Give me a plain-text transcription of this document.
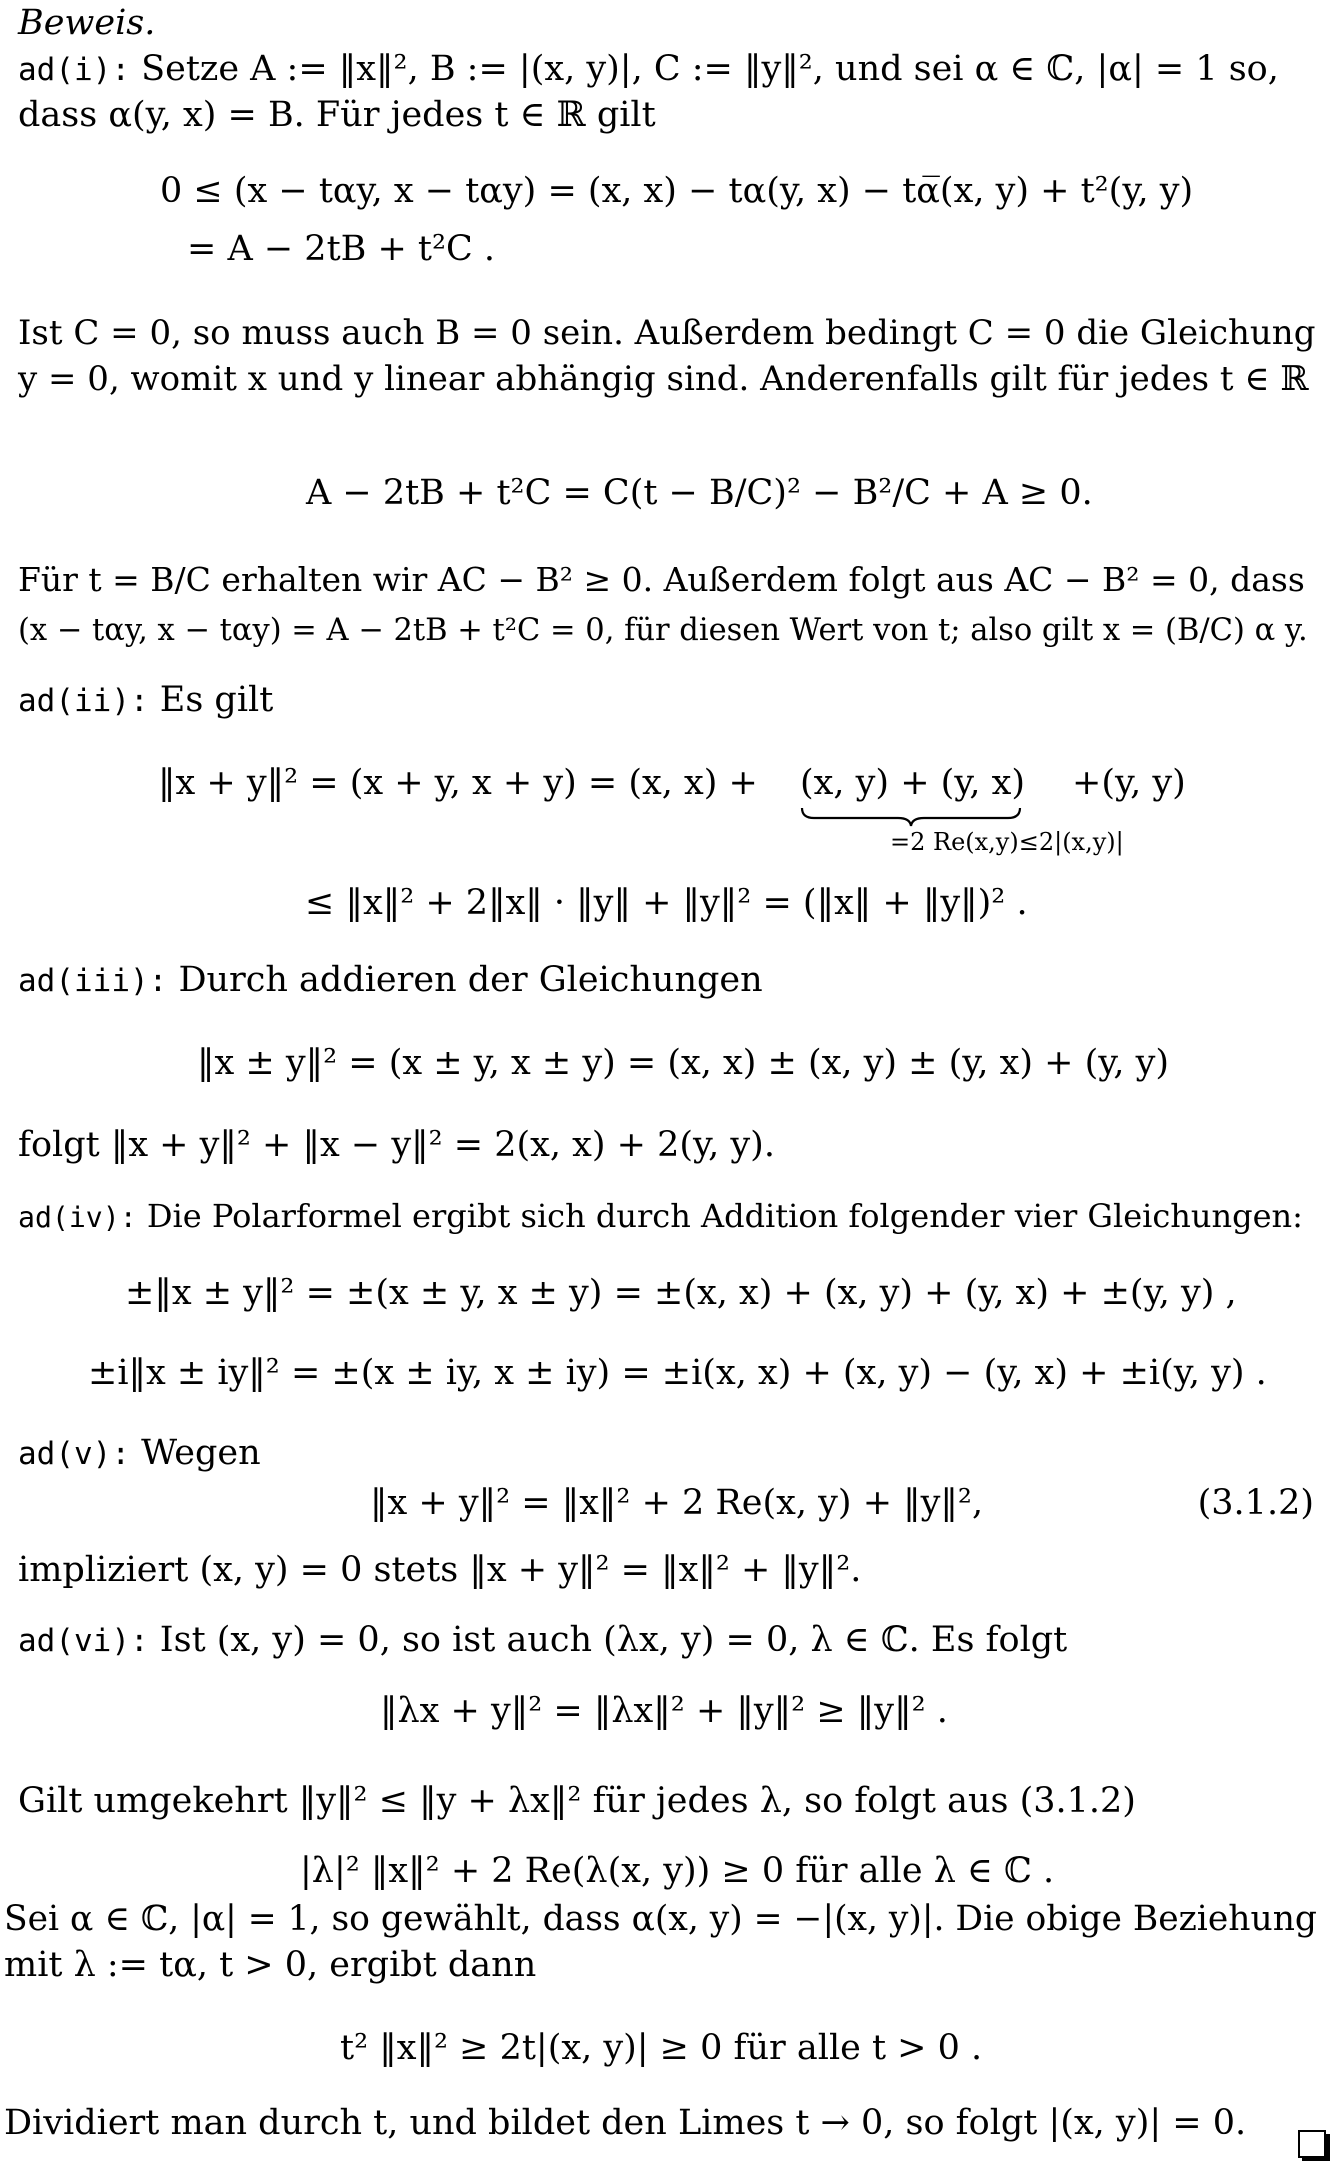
Beweis.
ad(i): Setze A := ‖x‖², B := |(x, y)|, C := ‖y‖², und sei α ∈ ℂ, |α| = 1 so,
dass α(y, x) = B. Für jedes t ∈ ℝ gilt
0 ≤ (x − tαy, x − tαy) = (x, x) − tα(y, x) − tα̅(x, y) + t²(y, y)
= A − 2tB + t²C .
Ist C = 0, so muss auch B = 0 sein. Außerdem bedingt C = 0 die Gleichung
y = 0, womit x und y linear abhängig sind. Anderenfalls gilt für jedes t ∈ ℝ
A − 2tB + t²C = C(t − B/C)² − B²/C + A ≥ 0.
Für t = B/C erhalten wir AC − B² ≥ 0. Außerdem folgt aus AC − B² = 0, dass
(x − tαy, x − tαy) = A − 2tB + t²C = 0, für diesen Wert von t; also gilt x = (B/C) α y.
ad(ii): Es gilt
‖x + y‖² = (x + y, x + y) = (x, x) + (x, y) + (y, x) +(y, y)
=2 Re(x,y)≤2|(x,y)|
≤ ‖x‖² + 2‖x‖ · ‖y‖ + ‖y‖² = (‖x‖ + ‖y‖)² .
ad(iii): Durch addieren der Gleichungen
‖x ± y‖² = (x ± y, x ± y) = (x, x) ± (x, y) ± (y, x) + (y, y)
folgt ‖x + y‖² + ‖x − y‖² = 2(x, x) + 2(y, y).
ad(iv): Die Polarformel ergibt sich durch Addition folgender vier Gleichungen:
±‖x ± y‖² = ±(x ± y, x ± y) = ±(x, x) + (x, y) + (y, x) + ±(y, y) ,
±i‖x ± iy‖² = ±(x ± iy, x ± iy) = ±i(x, x) + (x, y) − (y, x) + ±i(y, y) .
ad(v): Wegen
‖x + y‖² = ‖x‖² + 2 Re(x, y) + ‖y‖²,	(3.1.2)
impliziert (x, y) = 0 stets ‖x + y‖² = ‖x‖² + ‖y‖².
ad(vi): Ist (x, y) = 0, so ist auch (λx, y) = 0, λ ∈ ℂ. Es folgt
‖λx + y‖² = ‖λx‖² + ‖y‖² ≥ ‖y‖² .
Gilt umgekehrt ‖y‖² ≤ ‖y + λx‖² für jedes λ, so folgt aus (3.1.2)
|λ|² ‖x‖² + 2 Re(λ(x, y)) ≥ 0 für alle λ ∈ ℂ .
Sei α ∈ ℂ, |α| = 1, so gewählt, dass α(x, y) = −|(x, y)|. Die obige Beziehung
mit λ := tα, t > 0, ergibt dann
t² ‖x‖² ≥ 2t|(x, y)| ≥ 0 für alle t > 0 .
Dividiert man durch t, und bildet den Limes t → 0, so folgt |(x, y)| = 0.
